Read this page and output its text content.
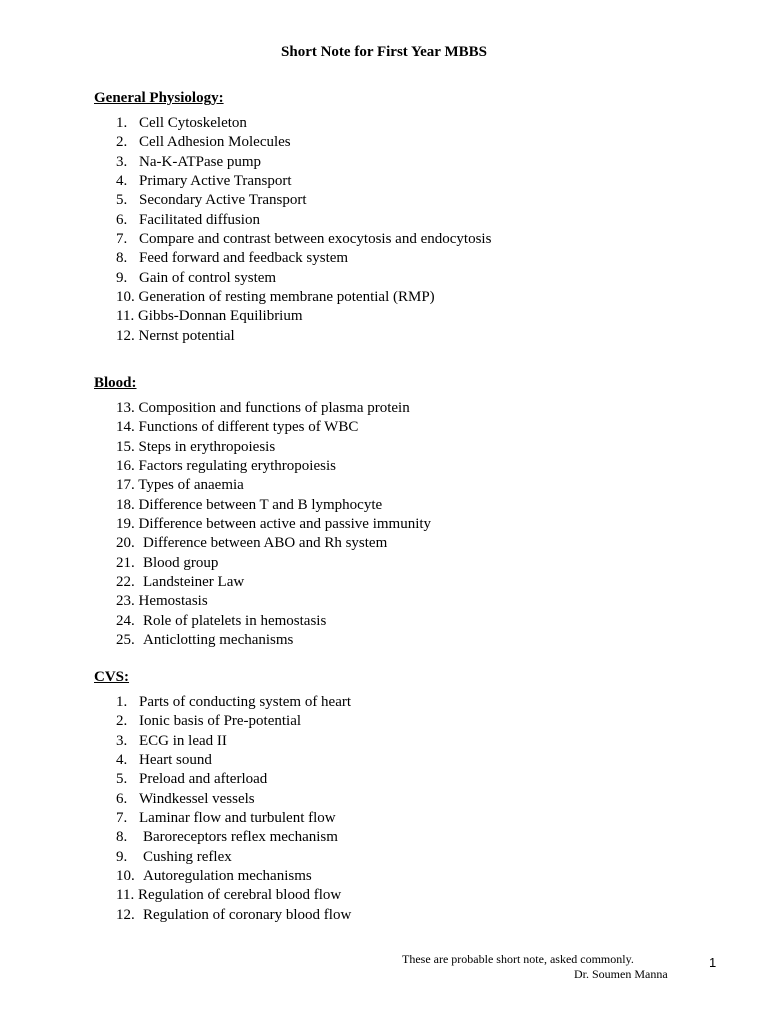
Short Note for First Year MBBS
General Physiology:
1. Cell Cytoskeleton
2. Cell Adhesion Molecules
3. Na-K-ATPase pump
4. Primary Active Transport
5. Secondary Active Transport
6. Facilitated diffusion
7. Compare and contrast between exocytosis and endocytosis
8. Feed forward and feedback system
9. Gain of control system
10. Generation of resting membrane potential (RMP)
11. Gibbs-Donnan Equilibrium
12. Nernst potential
Blood:
13. Composition and functions of plasma protein
14. Functions of different types of WBC
15. Steps in erythropoiesis
16. Factors regulating erythropoiesis
17. Types of anaemia
18. Difference between T and B lymphocyte
19. Difference between active and passive immunity
20. Difference between ABO and Rh system
21. Blood group
22. Landsteiner Law
23. Hemostasis
24. Role of platelets in hemostasis
25. Anticlotting mechanisms
CVS:
1. Parts of conducting system of heart
2. Ionic basis of Pre-potential
3. ECG in lead II
4. Heart sound
5. Preload and afterload
6. Windkessel vessels
7. Laminar flow and turbulent flow
8. Baroreceptors reflex mechanism
9. Cushing reflex
10. Autoregulation mechanisms
11. Regulation of cerebral blood flow
12. Regulation of coronary blood flow
These are probable short note, asked commonly.
Dr. Soumen Manna
1
